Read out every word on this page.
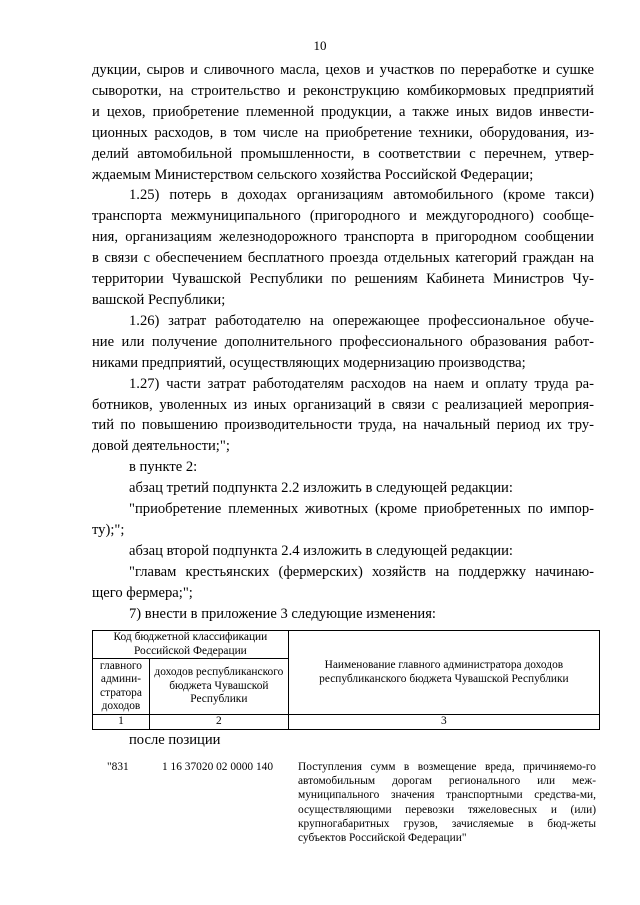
10

дукции, сыров и сливочного масла, цехов и участков по переработке и сушке

сыворотки, на строительство и реконструкцию комбикормовых предприятий

и цехов, приобретение племенной продукции, а также иных видов инвести-

ционных расходов, в том числе на приобретение техники, оборудования, из-

делий автомобильной промышленности, в соответствии с перечнем, утвер-

ждаемым Министерством сельского хозяйства Российской Федерации;

1.25) потерь в доходах организациям автомобильного (кроме такси)

транспорта межмуниципального (пригородного и междугородного) сообще-

ния, организациям железнодорожного транспорта в пригородном сообщении

в связи с обеспечением бесплатного проезда отдельных категорий граждан на

территории Чувашской Республики по решениям Кабинета Министров Чу-

вашской Республики;

1.26) затрат работодателю на опережающее профессиональное обуче-

ние или получение дополнительного профессионального образования работ-

никами предприятий, осуществляющих модернизацию производства;

1.27) части затрат работодателям расходов на наем и оплату труда ра-

ботников, уволенных из иных организаций в связи с реализацией мероприя-

тий по повышению производительности труда, на начальный период их тру-

довой деятельности;";

в пункте 2:

абзац третий подпункта 2.2 изложить в следующей редакции:

"приобретение племенных животных (кроме приобретенных по импор-

ту);";

абзац второй подпункта 2.4 изложить в следующей редакции:

"главам крестьянских (фермерских) хозяйств на поддержку начинаю-

щего фермера;";

7) внести в приложение 3 следующие изменения:

Код бюджетной классификации Российской Федерации		Наименование главного администратора доходов республиканского бюджета Чувашской Республики
главного админи-стратора доходов	доходов республиканского бюджета Чувашской Республики	
1	2	3
после позиции
"831	1 16 37020 02 0000 140 Поступления сумм в возмещение вреда, причиняемо-го автомобильным дорогам регионального или меж-муниципального значения транспортными средства-ми, осуществляющими перевозки тяжеловесных и (или) крупногабаритных грузов, зачисляемые в бюд-жеты субъектов Российской Федерации"
